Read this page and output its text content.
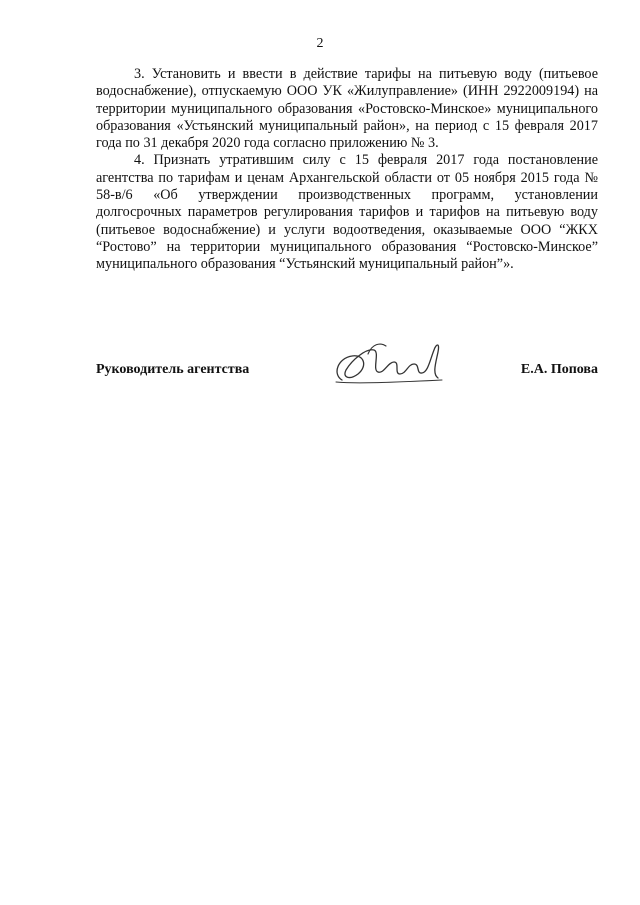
2

3. Установить и ввести в действие тарифы на питьевую воду (питьевое водоснабжение), отпускаемую ООО УК «Жилуправление» (ИНН 2922009194) на территории муниципального образования «Ростовско-Минское» муниципального образования «Устьянский муниципальный район», на период с 15 февраля 2017 года по 31 декабря 2020 года согласно приложению № 3.

4. Признать утратившим силу с 15 февраля 2017 года постановление агентства по тарифам и ценам Архангельской области от 05 ноября 2015 года № 58-в/6 «Об утверждении производственных программ, установлении долгосрочных параметров регулирования тарифов и тарифов на питьевую воду (питьевое водоснабжение) и услуги водоотведения, оказываемые ООО “ЖКХ “Ростово” на территории муниципального образования “Ростовско-Минское” муниципального образования “Устьянский муниципальный район”».

Руководитель агентства	Е.А. Попова
